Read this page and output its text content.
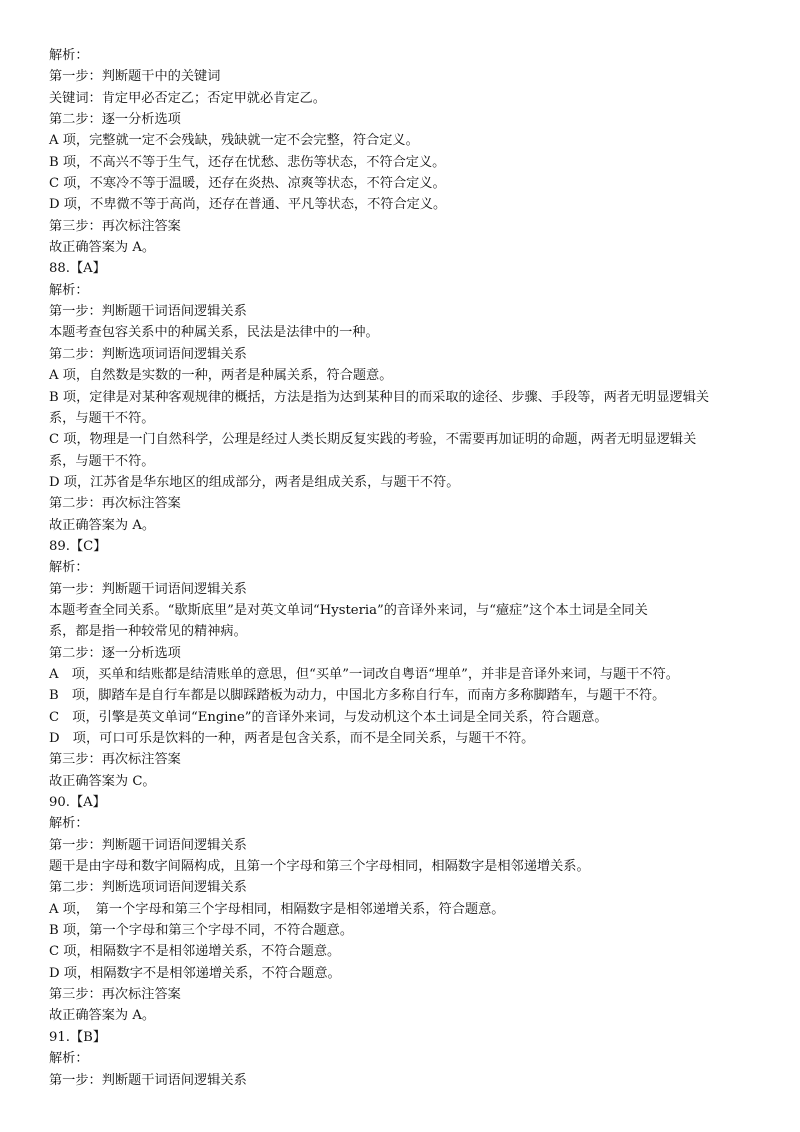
解析：
第一步：判断题干中的关键词
关键词：肯定甲必否定乙；否定甲就必肯定乙。
第二步：逐一分析选项
A 项，完整就一定不会残缺，残缺就一定不会完整，符合定义。
B 项，不高兴不等于生气，还存在忧愁、悲伤等状态，不符合定义。
C 项，不寒冷不等于温暖，还存在炎热、凉爽等状态，不符合定义。
D 项，不卑微不等于高尚，还存在普通、平凡等状态，不符合定义。
第三步：再次标注答案
故正确答案为 A。
88.【A】
解析：
第一步：判断题干词语间逻辑关系
本题考查包容关系中的种属关系，民法是法律中的一种。
第二步：判断选项词语间逻辑关系
A 项，自然数是实数的一种，两者是种属关系，符合题意。
B 项，定律是对某种客观规律的概括，方法是指为达到某种目的而采取的途径、步骤、手段等，两者无明显逻辑关
系，与题干不符。
C 项，物理是一门自然科学，公理是经过人类长期反复实践的考验，不需要再加证明的命题，两者无明显逻辑关
系，与题干不符。
D 项，江苏省是华东地区的组成部分，两者是组成关系，与题干不符。
第二步：再次标注答案
故正确答案为 A。
89.【C】
解析：
第一步：判断题干词语间逻辑关系
本题考查全同关系。“歇斯底里”是对英文单词“Hysteria”的音译外来词，与“癔症”这个本土词是全同关
系，都是指一种较常见的精神病。
第二步：逐一分析选项
A　项，买单和结账都是结清账单的意思，但“买单”一词改自粤语“埋单”，并非是音译外来词，与题干不符。
B　项，脚踏车是自行车都是以脚踩踏板为动力，中国北方多称自行车，而南方多称脚踏车，与题干不符。
C　项，引擎是英文单词“Engine”的音译外来词，与发动机这个本土词是全同关系，符合题意。
D　项，可口可乐是饮料的一种，两者是包含关系，而不是全同关系，与题干不符。
第三步：再次标注答案
故正确答案为 C。
90.【A】
解析：
第一步：判断题干词语间逻辑关系
题干是由字母和数字间隔构成，且第一个字母和第三个字母相同，相隔数字是相邻递增关系。
第二步：判断选项词语间逻辑关系
A 项，　第一个字母和第三个字母相同，相隔数字是相邻递增关系，符合题意。
B 项，第一个字母和第三个字母不同，不符合题意。
C 项，相隔数字不是相邻递增关系，不符合题意。
D 项，相隔数字不是相邻递增关系，不符合题意。
第三步：再次标注答案
故正确答案为 A。
91.【B】
解析：
第一步：判断题干词语间逻辑关系
